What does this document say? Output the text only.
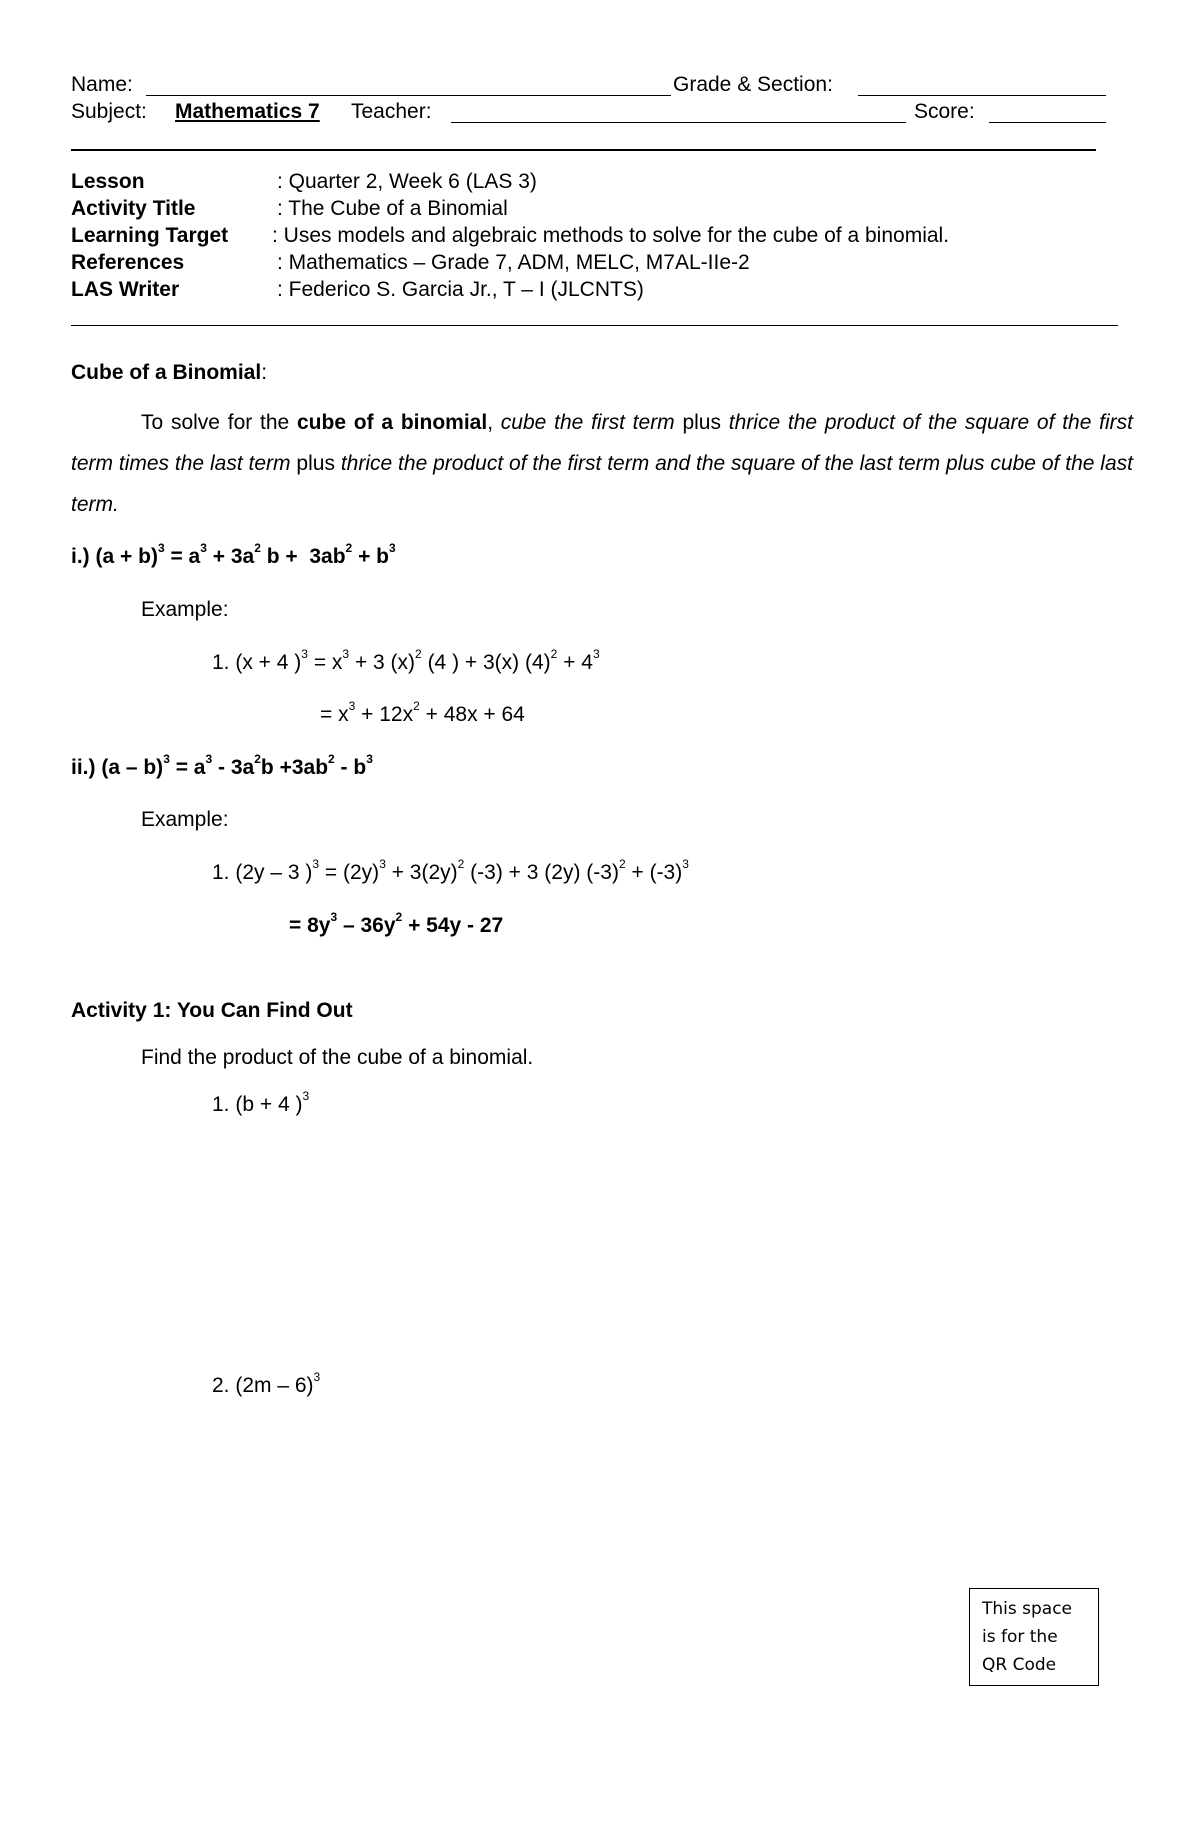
Name:	Grade & Section:
Subject: Mathematics 7 Teacher:	Score:
Lesson	: Quarter 2, Week 6 (LAS 3)
Activity Title	: The Cube of a Binomial
Learning Target : Uses models and algebraic methods to solve for the cube of a binomial.
References	: Mathematics – Grade 7, ADM, MELC, M7AL-IIe-2
LAS Writer	: Federico S. Garcia Jr., T – I (JLCNTS)
Cube of a Binomial:
To solve for the cube of a binomial, cube the first term plus thrice the product of the square of the first term times the last term plus thrice the product of the first term and the square of the last term plus cube of the last term.
i.) $(a + b)^3 = a^3 + 3a^2$ $b + 3ab^2 + b^3$
Example:
1. (x + 4 )$^3 = x^3 + 3$ $(x)^2$ (4 ) + 3(x) $(4)^2 + 4^3$
= $x^3 + 12x^2 + 48x + 64$
ii.) $(a - b)^3 = a^3 - 3a^2b +3ab^2 - b^3$
Example:
1. (2y – 3 )$^3 = (2y)^3 + 3(2y)^2$ (-3) + 3 (2y) $(-3)^2 + (-3)^3$
= $8y^3 - 36y^2 + 54y - 27$
Activity 1: You Can Find Out
Find the product of the cube of a binomial.
1. (b + 4 )$^3$
2. (2m – 6)$^3$
This space is for the QR Code
